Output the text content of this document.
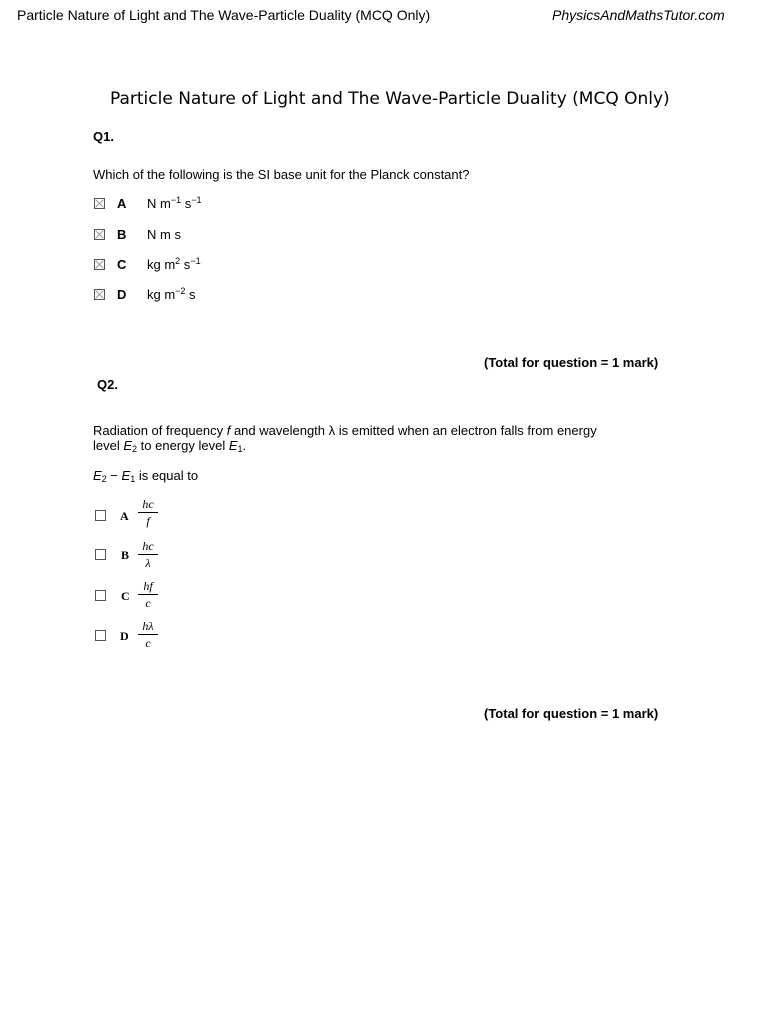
Particle Nature of Light and The Wave-Particle Duality (MCQ Only)	PhysicsAndMathsTutor.com
Particle Nature of Light and The Wave-Particle Duality (MCQ Only)
Q1.
Which of the following is the SI base unit for the Planck constant?
A N $m^{-1}$ $s^{-1}$
B N m s
C kg $m^2$ $s^{-1}$
D kg $m^{-2}$ s
(Total for question = 1 mark)
Q2.
Radiation of frequency f and wavelength λ is emitted when an electron falls from energy
level $E_2$ to energy level $E_1$.
$E_2 - E_1$ is equal to
A
hc
f
B
hc
λ
C
hf
c
D
hλ
c
(Total for question = 1 mark)
